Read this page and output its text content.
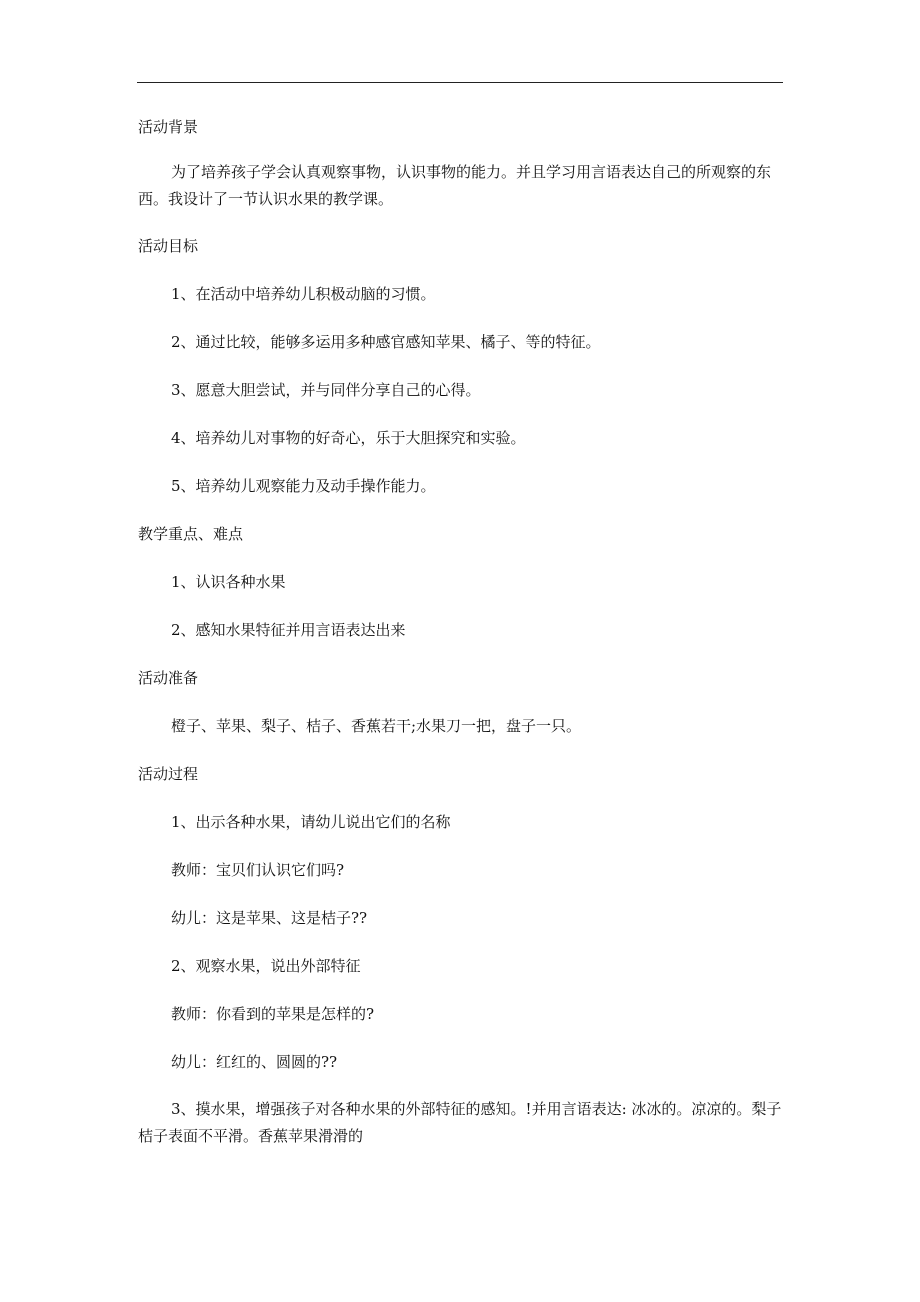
活动背景
为了培养孩子学会认真观察事物，认识事物的能力。并且学习用言语表达自己的所观察的东西。我设计了一节认识水果的教学课。
活动目标
1、在活动中培养幼儿积极动脑的习惯。
2、通过比较，能够多运用多种感官感知苹果、橘子、等的特征。
3、愿意大胆尝试，并与同伴分享自己的心得。
4、培养幼儿对事物的好奇心，乐于大胆探究和实验。
5、培养幼儿观察能力及动手操作能力。
教学重点、难点
1、认识各种水果
2、感知水果特征并用言语表达出来
活动准备
橙子、苹果、梨子、桔子、香蕉若干;水果刀一把，盘子一只。
活动过程
1、出示各种水果，请幼儿说出它们的名称
教师：宝贝们认识它们吗?
幼儿：这是苹果、这是桔子??
2、观察水果，说出外部特征
教师：你看到的苹果是怎样的?
幼儿：红红的、圆圆的??
3、摸水果，增强孩子对各种水果的外部特征的感知。!并用言语表达: 冰冰的。凉凉的。梨子桔子表面不平滑。香蕉苹果滑滑的
